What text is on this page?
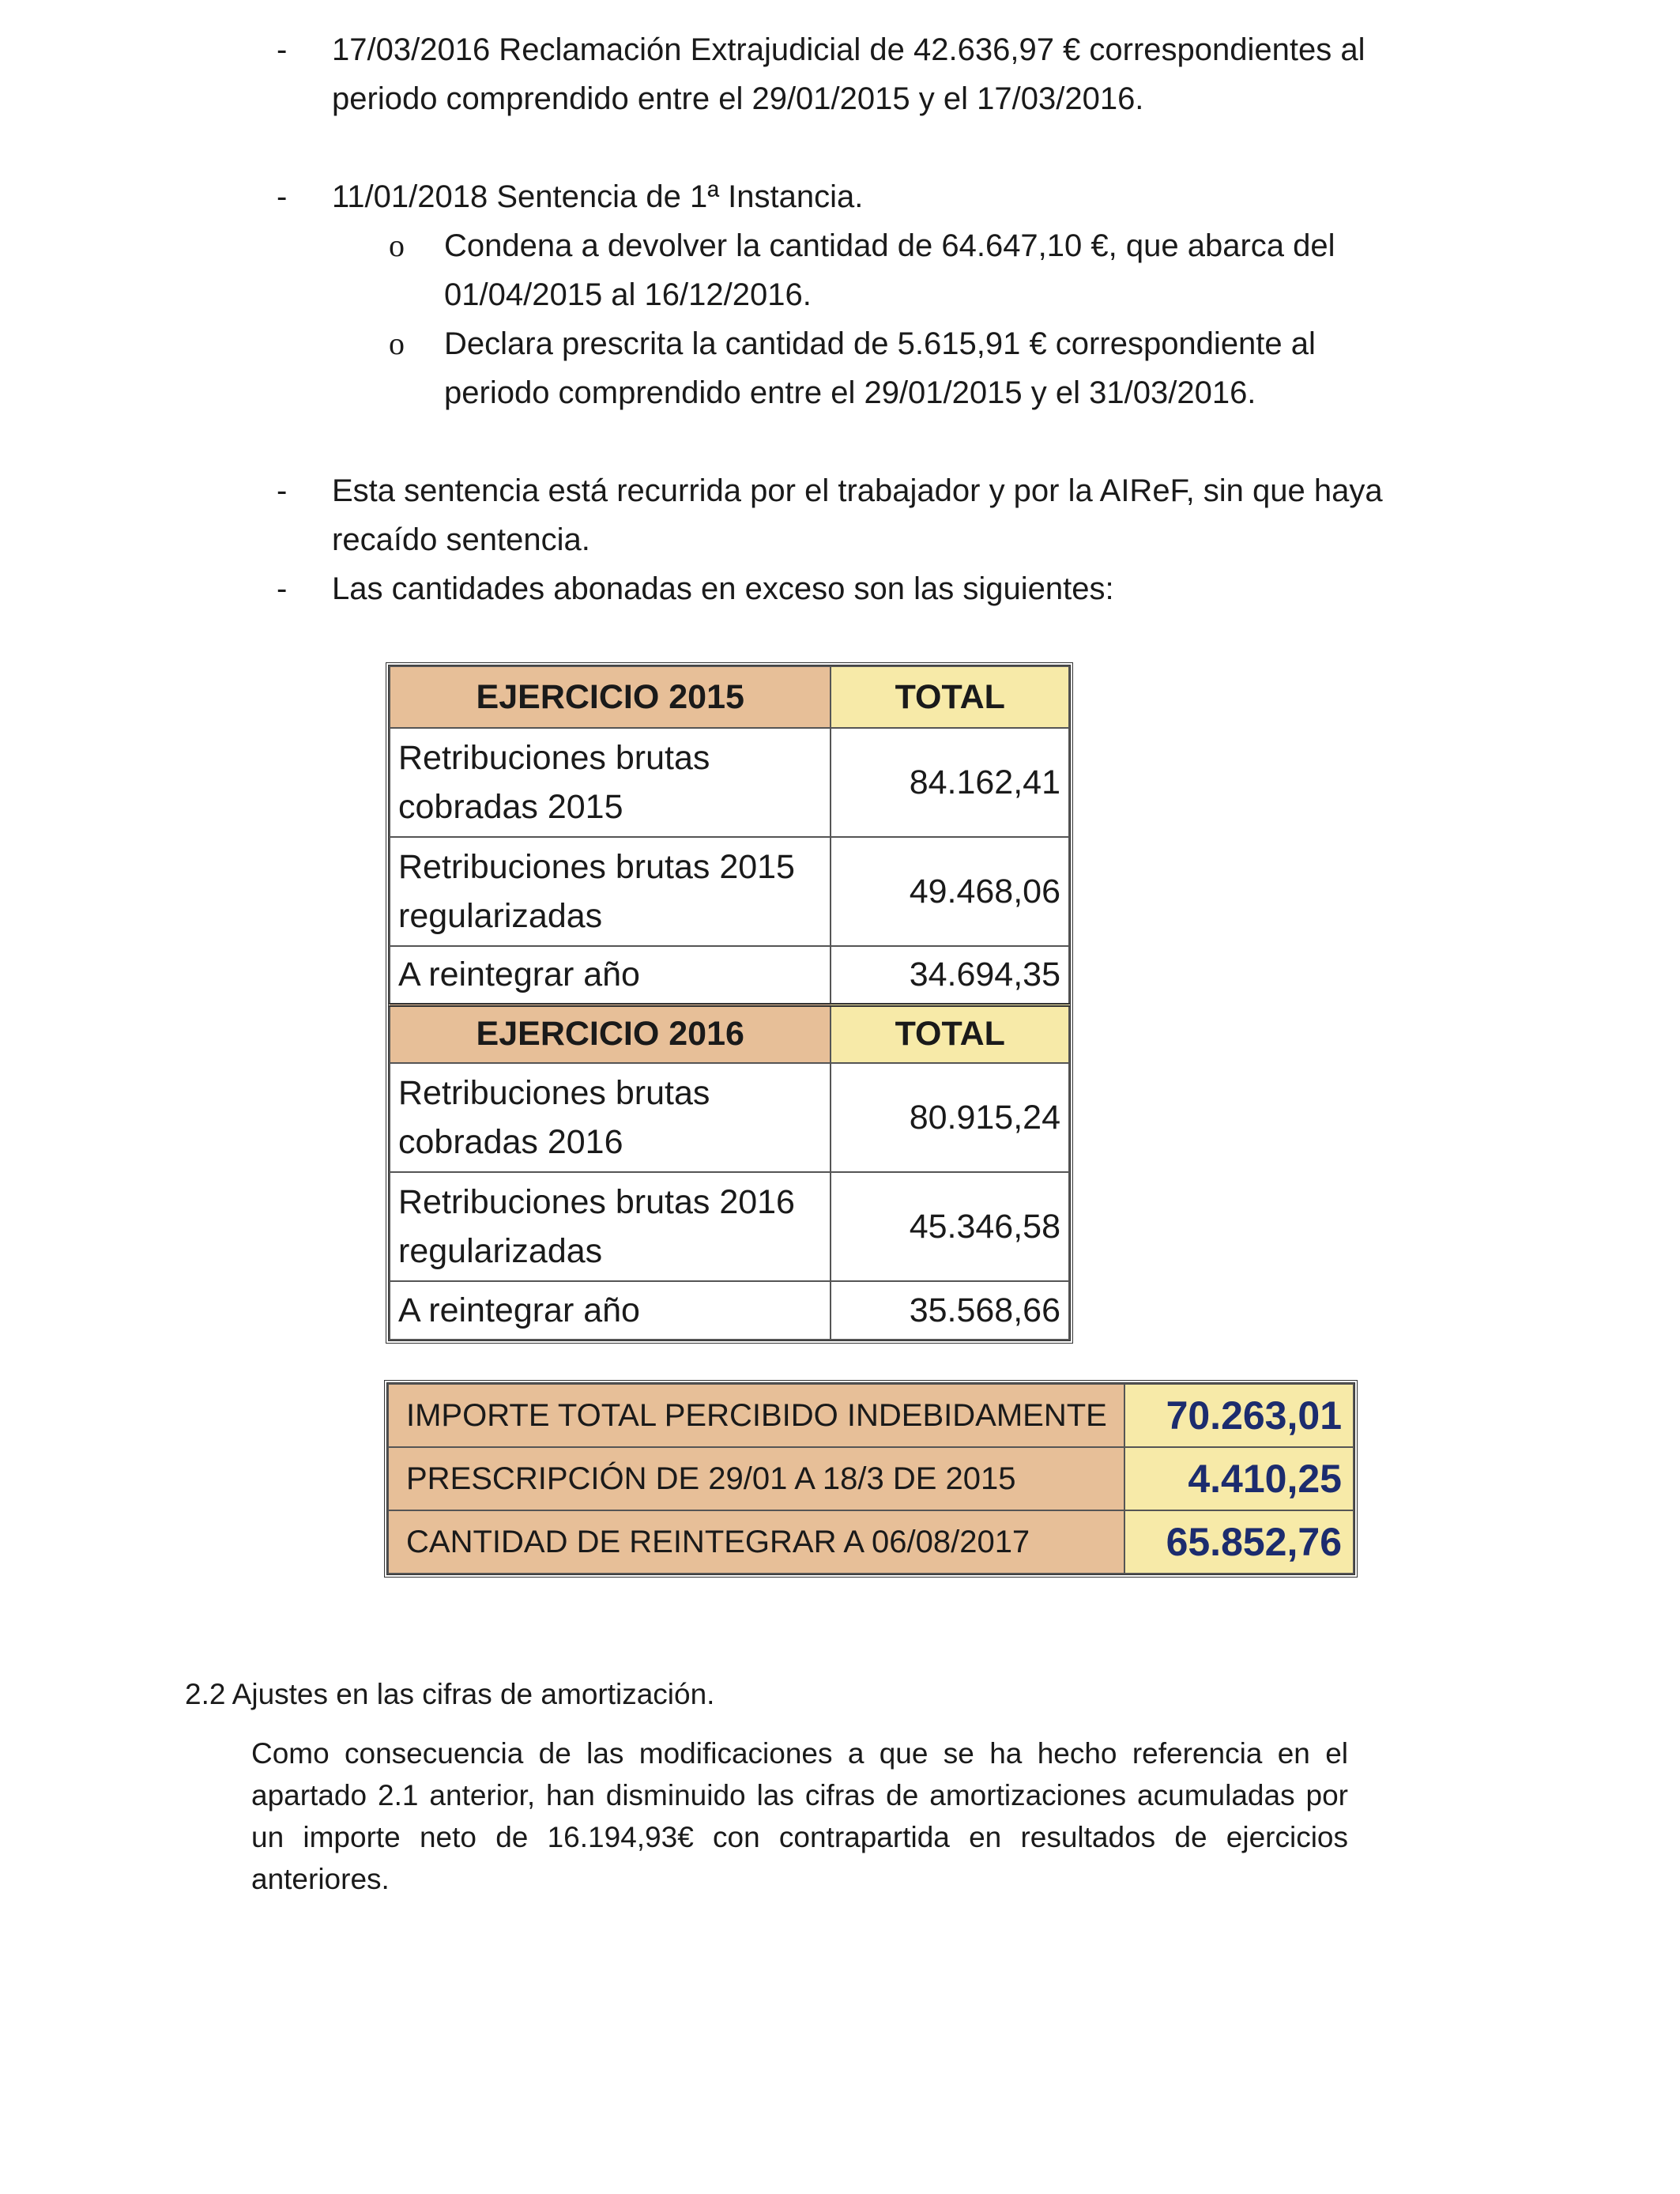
-	17/03/2016 Reclamación Extrajudicial de 42.636,97 € correspondientes al periodo comprendido entre el 29/01/2015 y el 17/03/2016.
-	11/01/2018 Sentencia de 1ª Instancia.
o Condena a devolver la cantidad de 64.647,10 €, que abarca del 01/04/2015 al 16/12/2016.
o Declara prescrita la cantidad de 5.615,91 € correspondiente al periodo comprendido entre el 29/01/2015 y el 31/03/2016.
-	Esta sentencia está recurrida por el trabajador y por la AIReF, sin que haya recaído sentencia.
-	Las cantidades abonadas en exceso son las siguientes:
EJERCICIO 2015	TOTAL
Retribuciones brutas cobradas 2015	84.162,41
Retribuciones brutas 2015 regularizadas	49.468,06
A reintegrar año	34.694,35
EJERCICIO 2016	TOTAL
Retribuciones brutas cobradas 2016	80.915,24
Retribuciones brutas 2016 regularizadas	45.346,58
A reintegrar año	35.568,66
IMPORTE TOTAL PERCIBIDO INDEBIDAMENTE	70.263,01
PRESCRIPCIÓN DE 29/01 A 18/3 DE 2015	4.410,25
CANTIDAD DE REINTEGRAR A 06/08/2017	65.852,76
2.2 Ajustes en las cifras de amortización.
Como consecuencia de las modificaciones a que se ha hecho referencia en el apartado 2.1 anterior, han disminuido las cifras de amortizaciones acumuladas por un importe neto de 16.194,93€ con contrapartida en resultados de ejercicios anteriores.
